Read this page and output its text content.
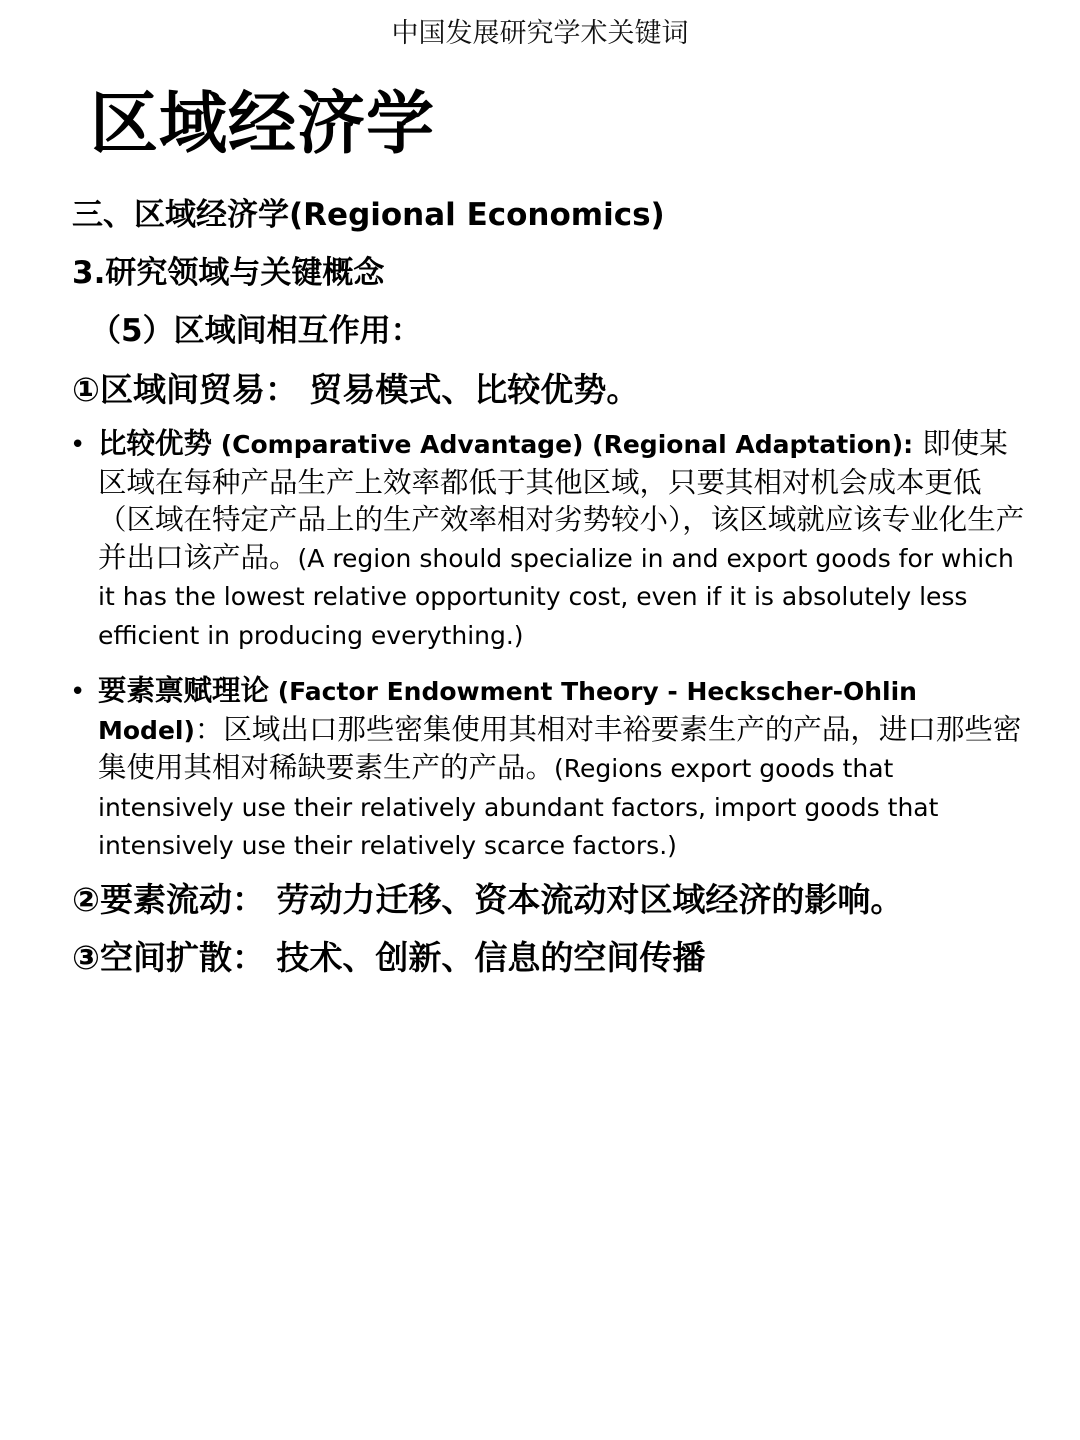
中国发展研究学术关键词
区域经济学
三、区域经济学(Regional Economics)
3.研究领域与关键概念
（5）区域间相互作用：
①区域间贸易： 贸易模式、比较优势。
• 比较优势 (Comparative Advantage) (Regional Adaptation): 即使某区域在每种产品生产上效率都低于其他区域，只要其相对机会成本更低（区域在特定产品上的生产效率相对劣势较小），该区域就应该专业化生产并出口该产品。(A region should specialize in and export goods for which it has the lowest relative opportunity cost, even if it is absolutely less efficient in producing everything.)
• 要素禀赋理论 (Factor Endowment Theory - Heckscher-Ohlin Model)：区域出口那些密集使用其相对丰裕要素生产的产品，进口那些密集使用其相对稀缺要素生产的产品。(Regions export goods that intensively use their relatively abundant factors, import goods that intensively use their relatively scarce factors.)
②要素流动： 劳动力迁移、资本流动对区域经济的影响。
③空间扩散： 技术、创新、信息的空间传播
